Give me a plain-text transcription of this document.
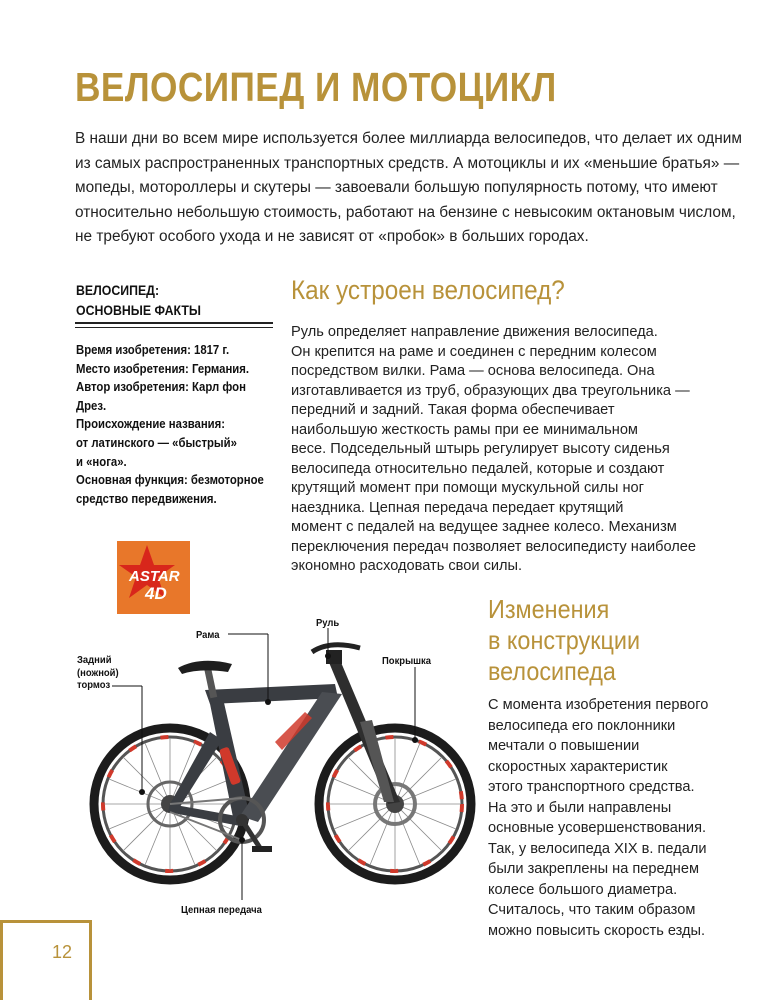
ВЕЛОСИПЕД И МОТОЦИКЛ
В наши дни во всем мире используется более миллиарда велосипедов, что делает их одним
из самых распространенных транспортных средств. А мотоциклы и их «меньшие братья» —
мопеды, мотороллеры и скутеры — завоевали большую популярность потому, что имеют
относительно небольшую стоимость, работают на бензине с невысоким октановым числом,
не требуют особого ухода и не зависят от «пробок» в больших городах.
ВЕЛОСИПЕД:
ОСНОВНЫЕ ФАКТЫ
Время изобретения: 1817 г.
Место изобретения: Германия.
Автор изобретения: Карл фон
Дрез.
Происхождение названия:
от латинского — «быстрый»
и «нога».
Основная функция: безмоторное
средство передвижения.
Как устроен велосипед?
Руль определяет направление движения велосипеда.
Он крепится на раме и соединен с передним колесом
посредством вилки. Рама — основа велосипеда. Она
изготавливается из труб, образующих два треугольника —
передний и задний. Такая форма обеспечивает
наибольшую жесткость рамы при ее минимальном
весе. Подседельный штырь регулирует высоту сиденья
велосипеда относительно педалей, которые и создают
крутящий момент при помощи мускульной силы ног
наездника. Цепная передача передает крутящий
момент с педалей на ведущее заднее колесо. Механизм
переключения передач позволяет велосипедисту наиболее
экономно расходовать свои силы.
Изменения
в конструкции
велосипеда
С момента изобретения первого
велосипеда его поклонники
мечтали о повышении
скоростных характеристик
этого транспортного средства.
На это и были направлены
основные усовершенствования.
Так, у велосипеда XIX в. педали
были закреплены на переднем
колесе большого диаметра.
Считалось, что таким образом
можно повысить скорость езды.
ASTAR
4D
Рама
Руль
Задний
(ножной)
тормоз
Покрышка
Цепная передача
12
